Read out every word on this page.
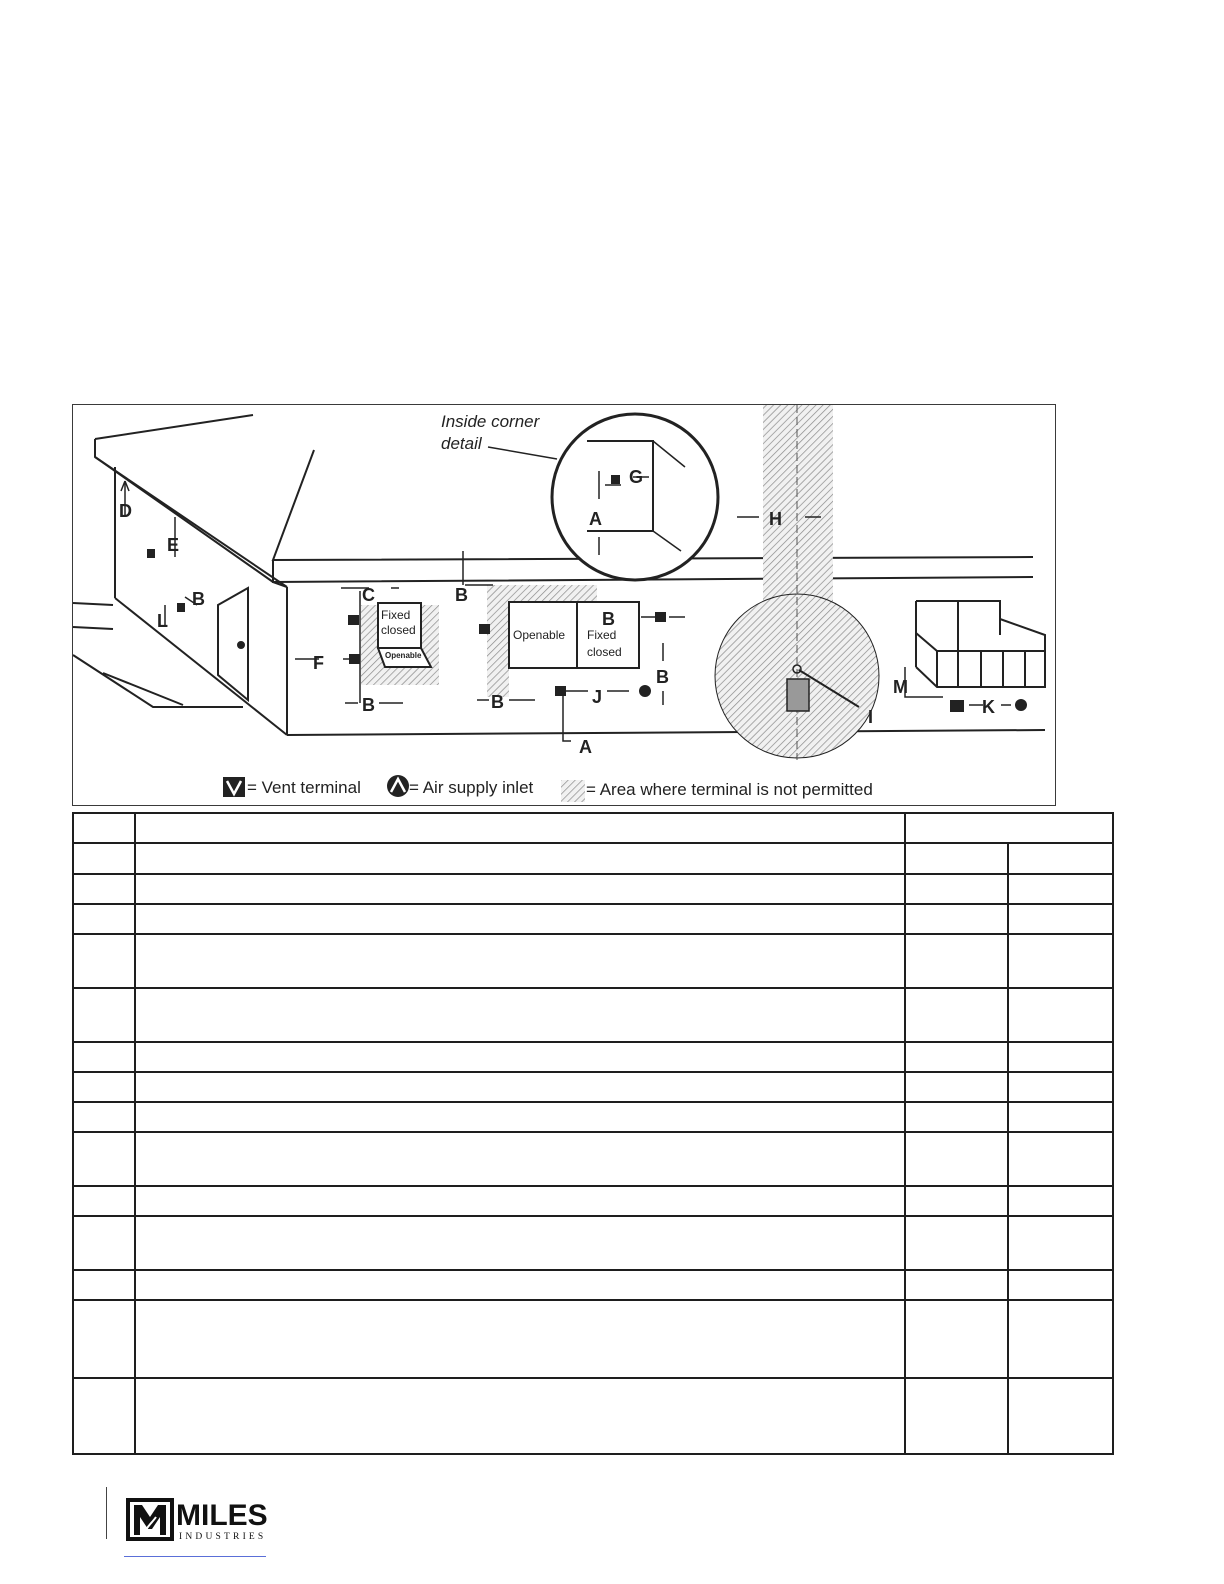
Fixed
closed
Openable
Openable Fixed
closed
Inside corner
detail
D
E
B
L
G
A	H
C
F
B
B
B
B
B
J
A
I
M
K
= Vent terminal	= Air supply inlet	= Area where terminal is not permitted

MILES
INDUSTRIES
